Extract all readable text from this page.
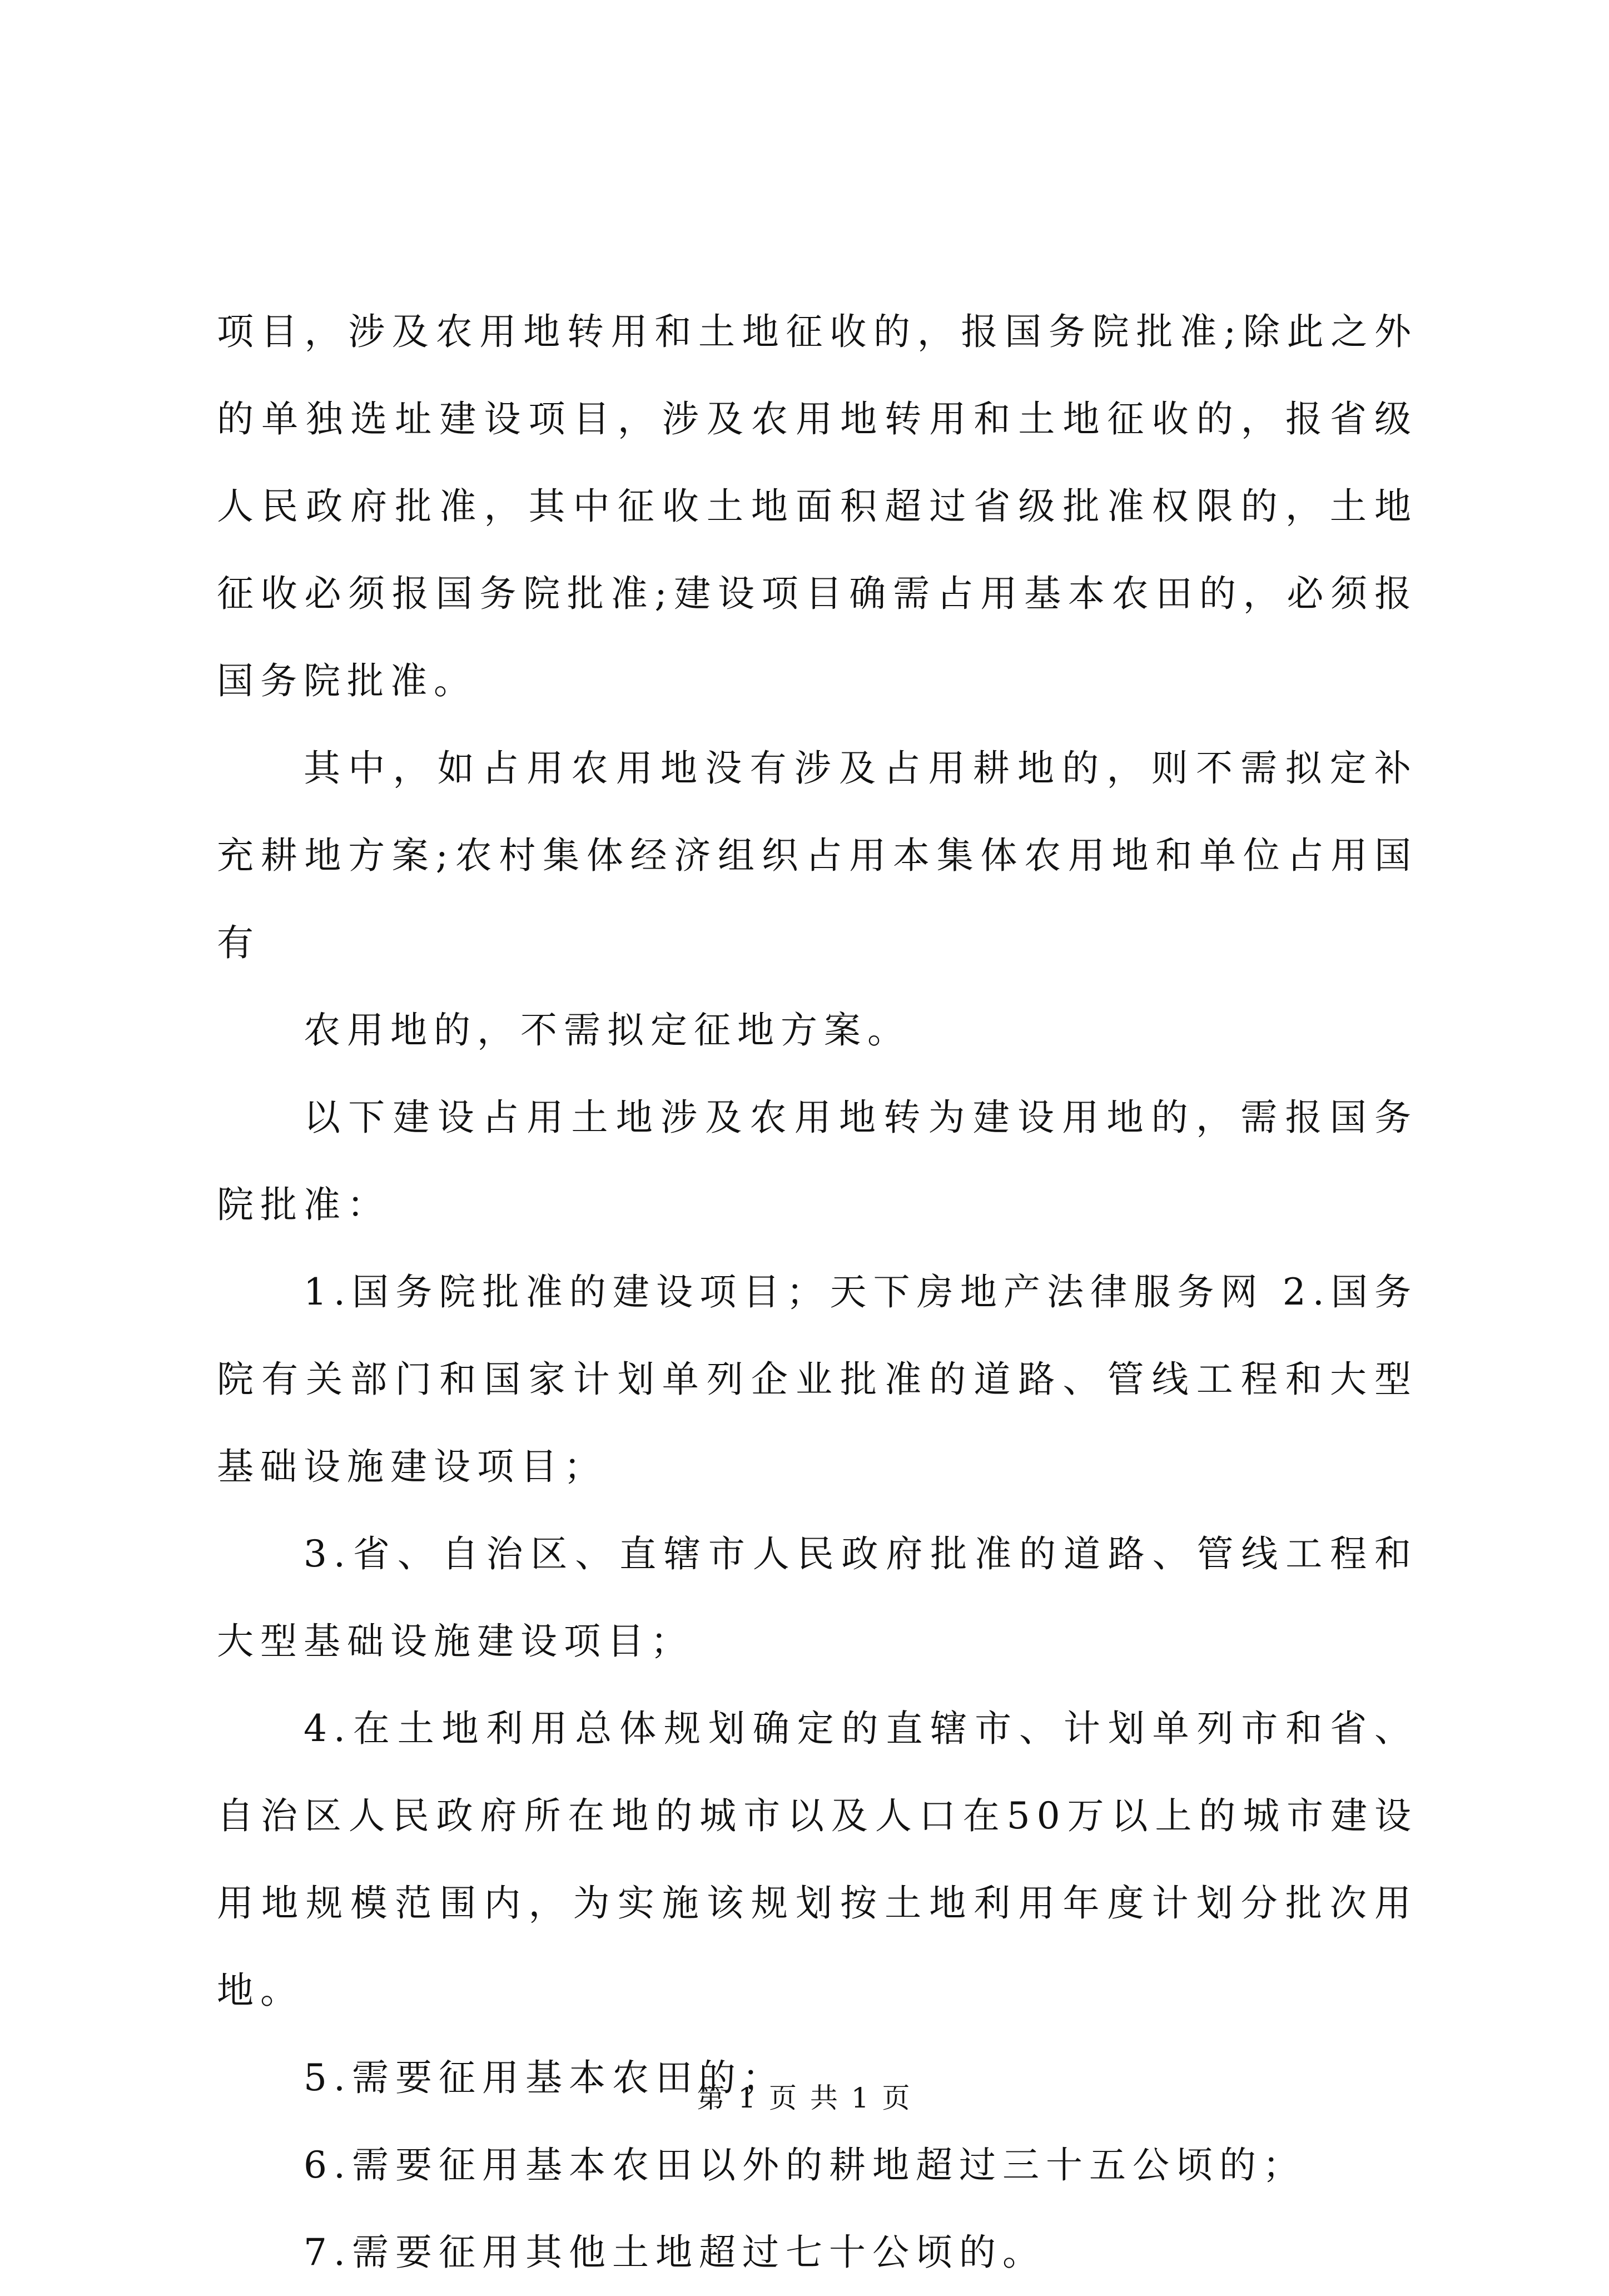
项目，涉及农用地转用和土地征收的，报国务院批准;除此之外的单独选址建设项目，涉及农用地转用和土地征收的，报省级人民政府批准，其中征收土地面积超过省级批准权限的，土地征收必须报国务院批准;建设项目确需占用基本农田的，必须报国务院批准。

其中，如占用农用地没有涉及占用耕地的，则不需拟定补充耕地方案;农村集体经济组织占用本集体农用地和单位占用国有

农用地的，不需拟定征地方案。

以下建设占用土地涉及农用地转为建设用地的，需报国务院批准：

1.国务院批准的建设项目；天下房地产法律服务网 2.国务院有关部门和国家计划单列企业批准的道路、管线工程和大型基础设施建设项目；

3.省、自治区、直辖市人民政府批准的道路、管线工程和大型基础设施建设项目；

4.在土地利用总体规划确定的直辖市、计划单列市和省、自治区人民政府所在地的城市以及人口在50万以上的城市建设用地规模范围内，为实施该规划按土地利用年度计划分批次用地。

5.需要征用基本农田的；

6.需要征用基本农田以外的耕地超过三十五公顷的；

7.需要征用其他土地超过七十公顷的。

第 1 页 共 1 页
